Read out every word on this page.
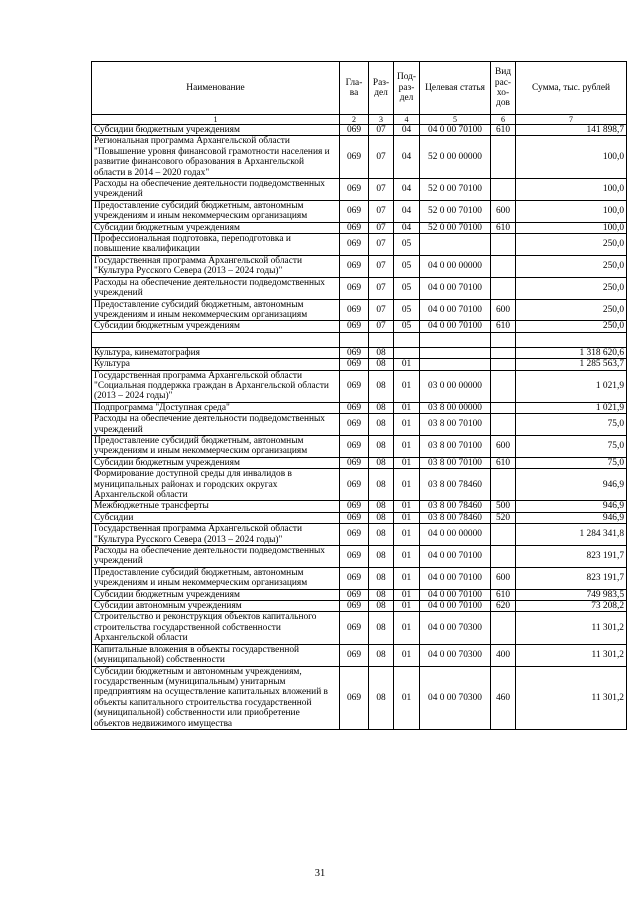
Наименование	Гла-ва	Раз-дел	Под-раз-дел	Целевая статья	Вид рас-хо-дов	Сумма, тыс. рублей
1	2	3	4	5	6	7
Субсидии бюджетным учреждениям	069	07	04	04 0 00 70100	610	141 898,7
Региональная программа Архангельской области "Повышение уровня финансовой грамотности населения и развитие финансового образования в Архангельской области в 2014 – 2020 годах"	069	07	04	52 0 00 00000		100,0
Расходы на обеспечение деятельности подведомственных учреждений	069	07	04	52 0 00 70100		100,0
Предоставление субсидий бюджетным, автономным учреждениям и иным некоммерческим организациям	069	07	04	52 0 00 70100	600	100,0
Субсидии бюджетным учреждениям	069	07	04	52 0 00 70100	610	100,0
Профессиональная подготовка, переподготовка и повышение квалификации	069	07	05			250,0
Государственная программа Архангельской области "Культура Русского Севера (2013 – 2024 годы)"	069	07	05	04 0 00 00000		250,0
Расходы на обеспечение деятельности подведомственных учреждений	069	07	05	04 0 00 70100		250,0
Предоставление субсидий бюджетным, автономным учреждениям и иным некоммерческим организациям	069	07	05	04 0 00 70100	600	250,0
Субсидии бюджетным учреждениям	069	07	05	04 0 00 70100	610	250,0

Культура, кинематография	069	08				1 318 620,6
Культура	069	08	01			1 285 563,7
Государственная программа Архангельской области "Социальная поддержка граждан в Архангельской области (2013 – 2024 годы)"	069	08	01	03 0 00 00000		1 021,9
Подпрограмма "Доступная среда"	069	08	01	03 8 00 00000		1 021,9
Расходы на обеспечение деятельности подведомственных учреждений	069	08	01	03 8 00 70100		75,0
Предоставление субсидий бюджетным, автономным учреждениям и иным некоммерческим организациям	069	08	01	03 8 00 70100	600	75,0
Субсидии бюджетным учреждениям	069	08	01	03 8 00 70100	610	75,0
Формирование доступной среды для инвалидов в муниципальных районах и городских округах Архангельской области	069	08	01	03 8 00 78460		946,9
Межбюджетные трансферты	069	08	01	03 8 00 78460	500	946,9
Субсидии	069	08	01	03 8 00 78460	520	946,9
Государственная программа Архангельской области "Культура Русского Севера (2013 – 2024 годы)"	069	08	01	04 0 00 00000		1 284 341,8
Расходы на обеспечение деятельности подведомственных учреждений	069	08	01	04 0 00 70100		823 191,7
Предоставление субсидий бюджетным, автономным учреждениям и иным некоммерческим организациям	069	08	01	04 0 00 70100	600	823 191,7
Субсидии бюджетным учреждениям	069	08	01	04 0 00 70100	610	749 983,5
Субсидии автономным учреждениям	069	08	01	04 0 00 70100	620	73 208,2
Строительство и реконструкция объектов капитального строительства государственной собственности Архангельской области	069	08	01	04 0 00 70300		11 301,2
Капитальные вложения в объекты государственной (муниципальной) собственности	069	08	01	04 0 00 70300	400	11 301,2
Субсидии бюджетным и автономным учреждениям, государственным (муниципальным) унитарным предприятиям на осуществление капитальных вложений в объекты капитального строительства государственной (муниципальной) собственности или приобретение объектов недвижимого имущества	069	08	01	04 0 00 70300	460	11 301,2
31
